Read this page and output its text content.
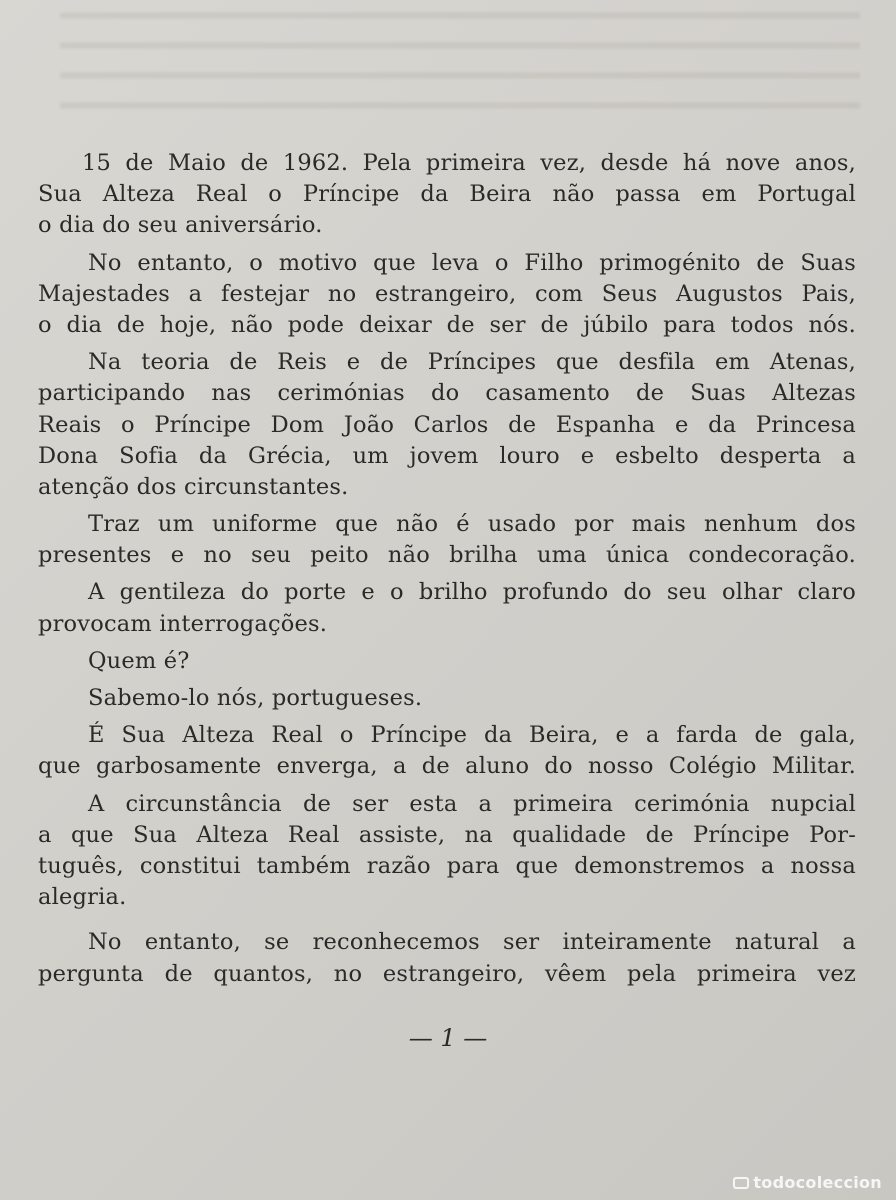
15 de Maio de 1962. Pela primeira vez, desde há nove anos,
Sua Alteza Real o Príncipe da Beira não passa em Portugal
o dia do seu aniversário.
No entanto, o motivo que leva o Filho primogénito de Suas
Majestades a festejar no estrangeiro, com Seus Augustos Pais,
o dia de hoje, não pode deixar de ser de júbilo para todos nós.
Na teoria de Reis e de Príncipes que desfila em Atenas,
participando nas cerimónias do casamento de Suas Altezas
Reais o Príncipe Dom João Carlos de Espanha e da Princesa
Dona Sofia da Grécia, um jovem louro e esbelto desperta a
atenção dos circunstantes.
Traz um uniforme que não é usado por mais nenhum dos
presentes e no seu peito não brilha uma única condecoração.
A gentileza do porte e o brilho profundo do seu olhar claro
provocam interrogações.
Quem é?
Sabemo-lo nós, portugueses.
É Sua Alteza Real o Príncipe da Beira, e a farda de gala,
que garbosamente enverga, a de aluno do nosso Colégio Militar.
A circunstância de ser esta a primeira cerimónia nupcial
a que Sua Alteza Real assiste, na qualidade de Príncipe Por-
tuguês, constitui também razão para que demonstremos a nossa
alegria.
No entanto, se reconhecemos ser inteiramente natural a
pergunta de quantos, no estrangeiro, vêem pela primeira vez
— 1 —
todocoleccion
